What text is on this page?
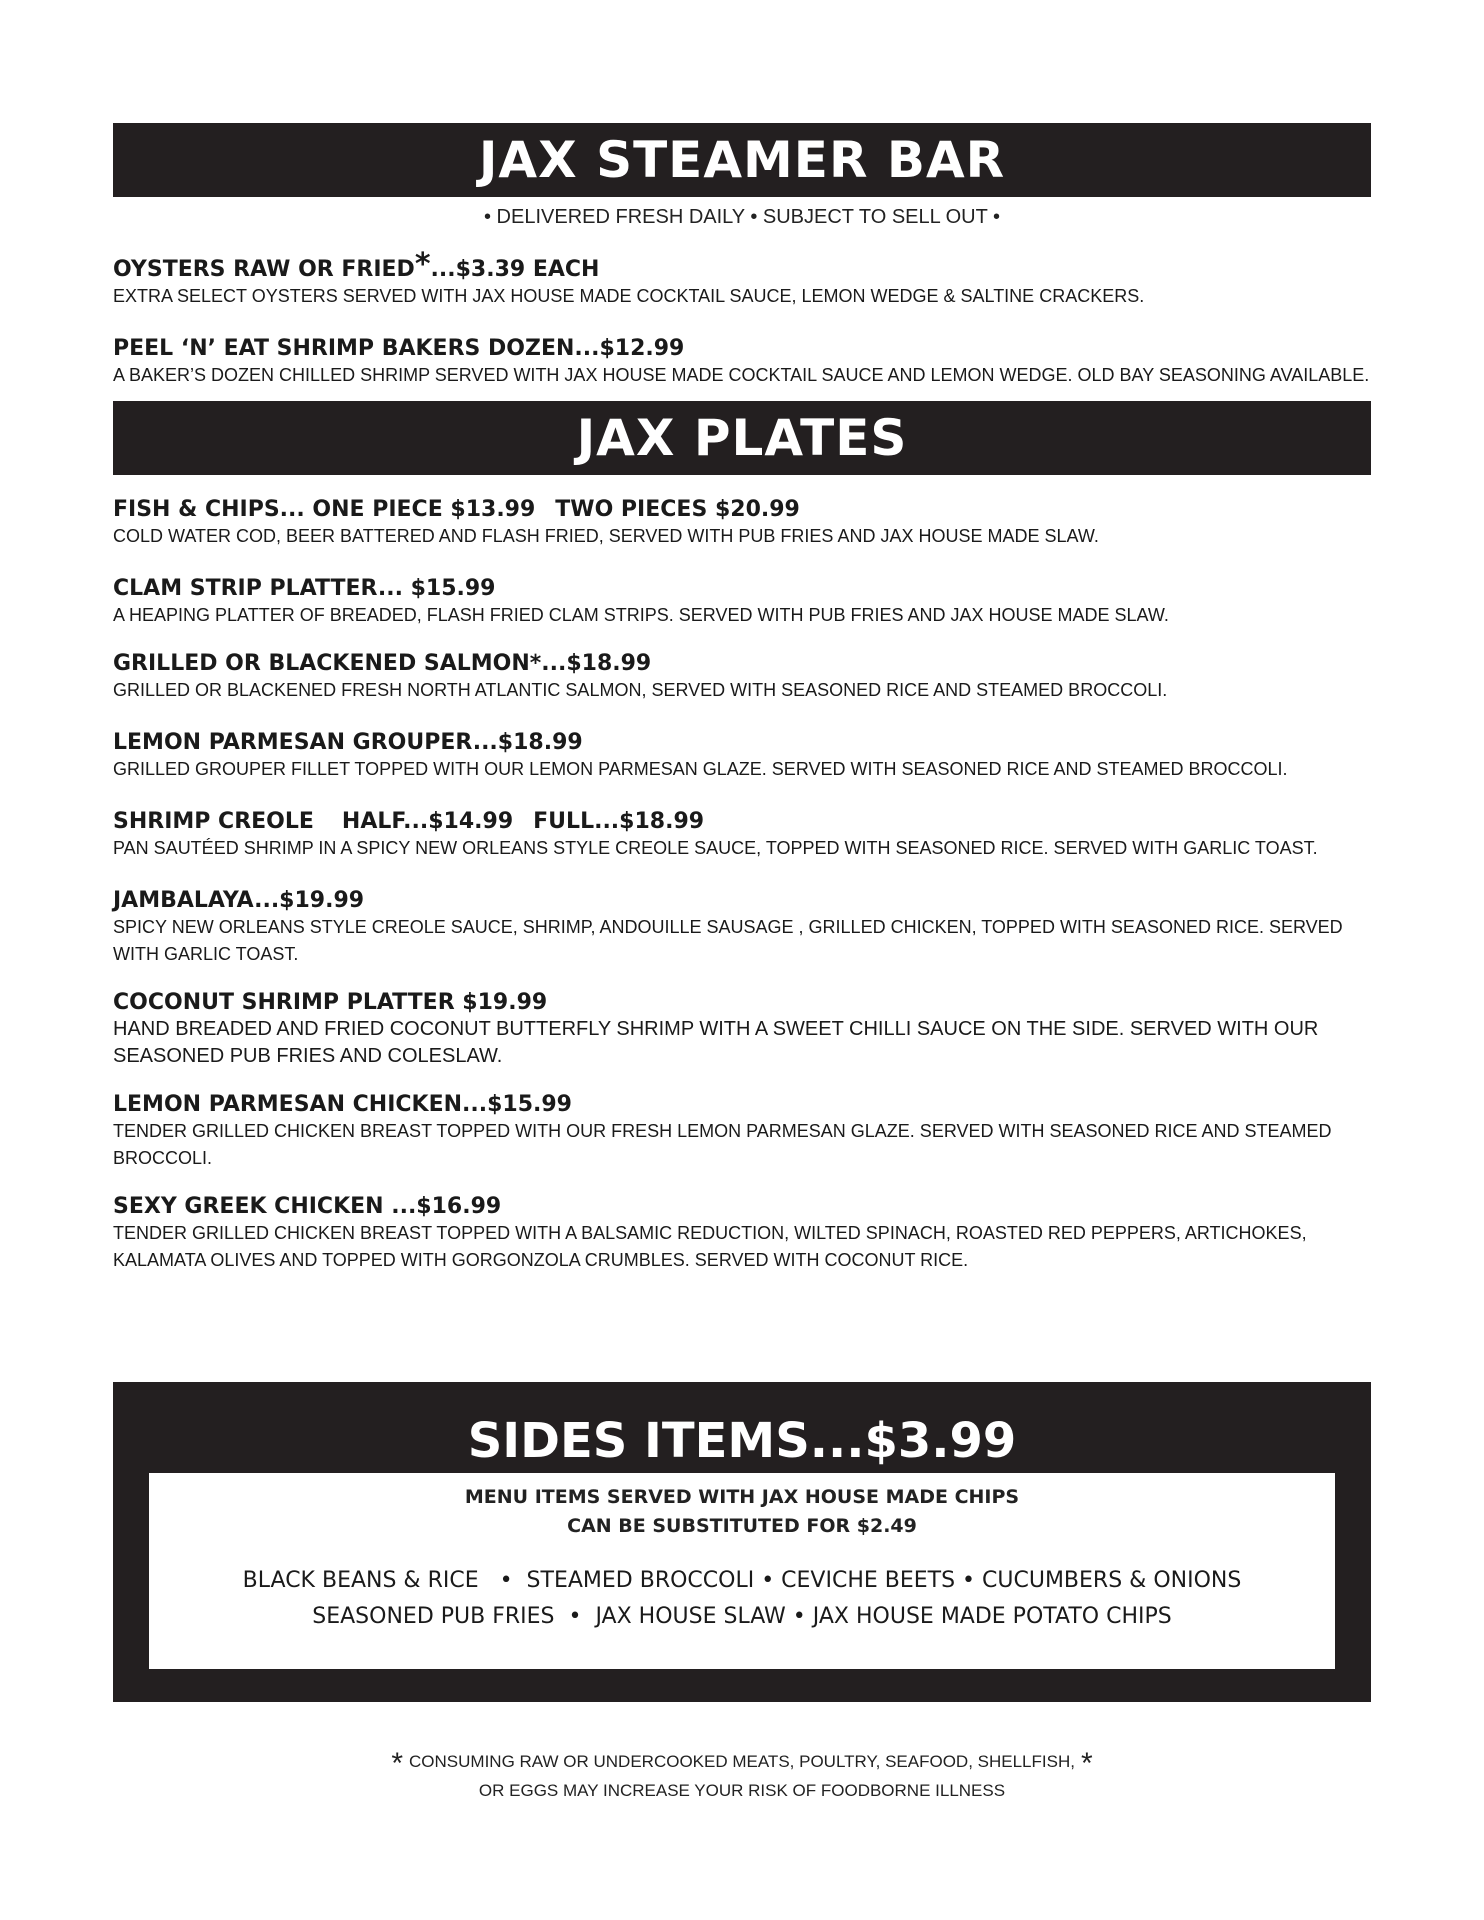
JAX STEAMER BAR
• DELIVERED FRESH DAILY • SUBJECT TO SELL OUT •
OYSTERS RAW OR FRIED*...$3.39 EACH
EXTRA SELECT OYSTERS SERVED WITH JAX HOUSE MADE COCKTAIL SAUCE, LEMON WEDGE & SALTINE CRACKERS.
PEEL ‘N’ EAT SHRIMP BAKERS DOZEN...$12.99
A BAKER’S DOZEN CHILLED SHRIMP SERVED WITH JAX HOUSE MADE COCKTAIL SAUCE AND LEMON WEDGE. OLD BAY SEASONING AVAILABLE.
JAX PLATES
FISH & CHIPS... ONE PIECE $13.99 TWO PIECES $20.99
COLD WATER COD, BEER BATTERED AND FLASH FRIED, SERVED WITH PUB FRIES AND JAX HOUSE MADE SLAW.
CLAM STRIP PLATTER... $15.99
A HEAPING PLATTER OF BREADED, FLASH FRIED CLAM STRIPS. SERVED WITH PUB FRIES AND JAX HOUSE MADE SLAW.
GRILLED OR BLACKENED SALMON*...$18.99
GRILLED OR BLACKENED FRESH NORTH ATLANTIC SALMON, SERVED WITH SEASONED RICE AND STEAMED BROCCOLI.
LEMON PARMESAN GROUPER...$18.99
GRILLED GROUPER FILLET TOPPED WITH OUR LEMON PARMESAN GLAZE. SERVED WITH SEASONED RICE AND STEAMED BROCCOLI.
SHRIMP CREOLE HALF...$14.99 FULL...$18.99
PAN SAUTÉED SHRIMP IN A SPICY NEW ORLEANS STYLE CREOLE SAUCE, TOPPED WITH SEASONED RICE. SERVED WITH GARLIC TOAST.
JAMBALAYA...$19.99
SPICY NEW ORLEANS STYLE CREOLE SAUCE, SHRIMP, ANDOUILLE SAUSAGE , GRILLED CHICKEN, TOPPED WITH SEASONED RICE. SERVED WITH GARLIC TOAST.
COCONUT SHRIMP PLATTER $19.99
HAND BREADED AND FRIED COCONUT BUTTERFLY SHRIMP WITH A SWEET CHILLI SAUCE ON THE SIDE. SERVED WITH OUR SEASONED PUB FRIES AND COLESLAW.
LEMON PARMESAN CHICKEN...$15.99
TENDER GRILLED CHICKEN BREAST TOPPED WITH OUR FRESH LEMON PARMESAN GLAZE. SERVED WITH SEASONED RICE AND STEAMED BROCCOLI.
SEXY GREEK CHICKEN ...$16.99
TENDER GRILLED CHICKEN BREAST TOPPED WITH A BALSAMIC REDUCTION, WILTED SPINACH, ROASTED RED PEPPERS, ARTICHOKES, KALAMATA OLIVES AND TOPPED WITH GORGONZOLA CRUMBLES. SERVED WITH COCONUT RICE.
SIDES ITEMS...$3.99
MENU ITEMS SERVED WITH JAX HOUSE MADE CHIPS
CAN BE SUBSTITUTED FOR $2.49
BLACK BEANS & RICE   •  STEAMED BROCCOLI • CEVICHE BEETS • CUCUMBERS & ONIONS
SEASONED PUB FRIES  •  JAX HOUSE SLAW • JAX HOUSE MADE POTATO CHIPS
* CONSUMING RAW OR UNDERCOOKED MEATS, POULTRY, SEAFOOD, SHELLFISH, *
OR EGGS MAY INCREASE YOUR RISK OF FOODBORNE ILLNESS
